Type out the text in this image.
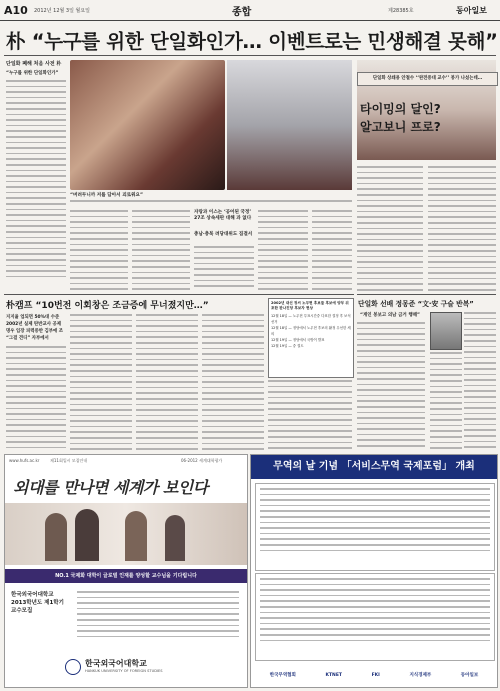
A10 2012년 12월 3일 월요일	종합	제28385호	동아일보
朴 “누구를 위한 단일화인가… 이벤트로는 민생해결 못해”
단일화 폐해 처음 사전 朴
“누구를 위한 단일화인가”
“버려두니까 저를 담아서 괴로워요”
자랑과 이스는 ‘공어된 국정’ 27조 상속세판 대해 과 없다
충남·충북 려당대위도 집결서
단일화 상쇄용 안철수 ‘‘완전중대 교수’’ 봉가 나섰는데…
타이밍의 달인?
알고보니 프로?
朴캠프 “10번전 이회창은 조금증에 무너졌지만…”
지지율 업되면 50%대 수준
2002년 실제 탄반교사 공제
명우 입장 피력중반 김부애 조
“그걸 견디” 자부에서
2002년 대선 정씨 노무현 후보들 후보에 양부 위포한 판나진당 후보자 현상
12월 18일 — 노무현 투표시간중 다표한 결정 후 보석 선거
12월 18일 — 정당에서 노무현 후보의 활정 우선한 세의
12월 19일 — 정당에서 국방이 발표
12월 19일 — 중 결도
단일화 선배 정몽준 “文·安 구슬 반복”
“게인 봉보고 의남 금거 행해”
www.hufs.ac.kr	제11회입시 모집안내	06-2012 세계대학평가
외대를 만나면 세계가 보인다
NO.1 국제화 대학이 글로벌 인재를 양성할 교수님을 기다립니다
한국외국어대학교
2013학년도 제1학기
교수모집
한국외국어대학교
HANKUK UNIVERSITY OF FOREIGN STUDIES
무역의 날 기념 「서비스무역 국제포럼」 개최
한국무역협회	KTNET	FKI	지식경제부	동아일보
